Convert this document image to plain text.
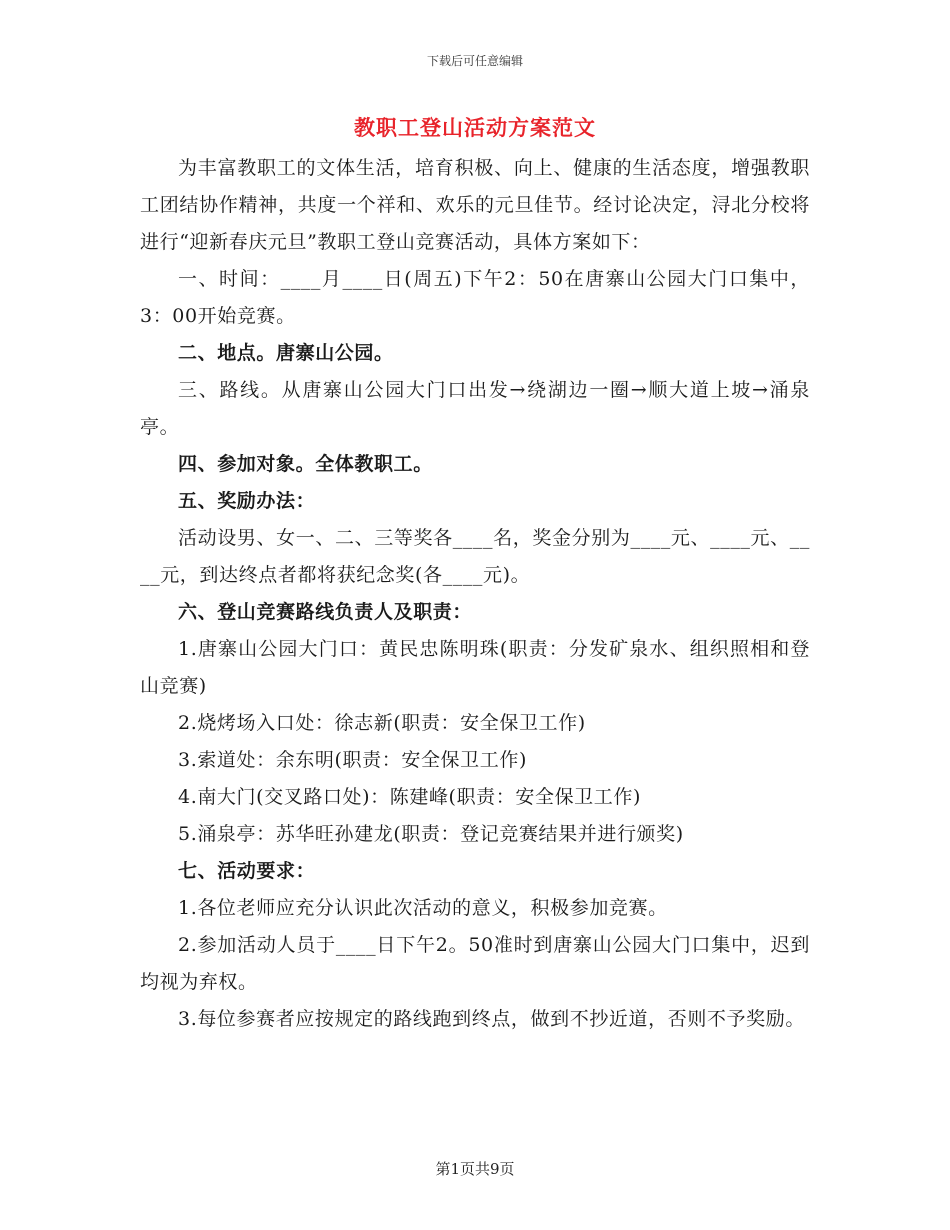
下载后可任意编辑
教职工登山活动方案范文

为丰富教职工的文体生活，培育积极、向上、健康的生活态度，增强教职工团结协作精神，共度一个祥和、欢乐的元旦佳节。经讨论决定，浔北分校将进行“迎新春庆元旦”教职工登山竞赛活动，具体方案如下：

一、时间：____月____日(周五)下午2：50在唐寨山公园大门口集中，3：00开始竞赛。

二、地点。唐寨山公园。

三、路线。从唐寨山公园大门口出发→绕湖边一圈→顺大道上坡→涌泉亭。

四、参加对象。全体教职工。

五、奖励办法：

活动设男、女一、二、三等奖各____名，奖金分别为____元、____元、____元，到达终点者都将获纪念奖(各____元)。

六、登山竞赛路线负责人及职责：

1.唐寨山公园大门口：黄民忠陈明珠(职责：分发矿泉水、组织照相和登山竞赛)

2.烧烤场入口处：徐志新(职责：安全保卫工作)

3.索道处：余东明(职责：安全保卫工作)

4.南大门(交叉路口处)：陈建峰(职责：安全保卫工作)

5.涌泉亭：苏华旺孙建龙(职责：登记竞赛结果并进行颁奖)

七、活动要求：

1.各位老师应充分认识此次活动的意义，积极参加竞赛。

2.参加活动人员于____日下午2。50准时到唐寨山公园大门口集中，迟到均视为弃权。

3.每位参赛者应按规定的路线跑到终点，做到不抄近道，否则不予奖励。

第1页共9页
